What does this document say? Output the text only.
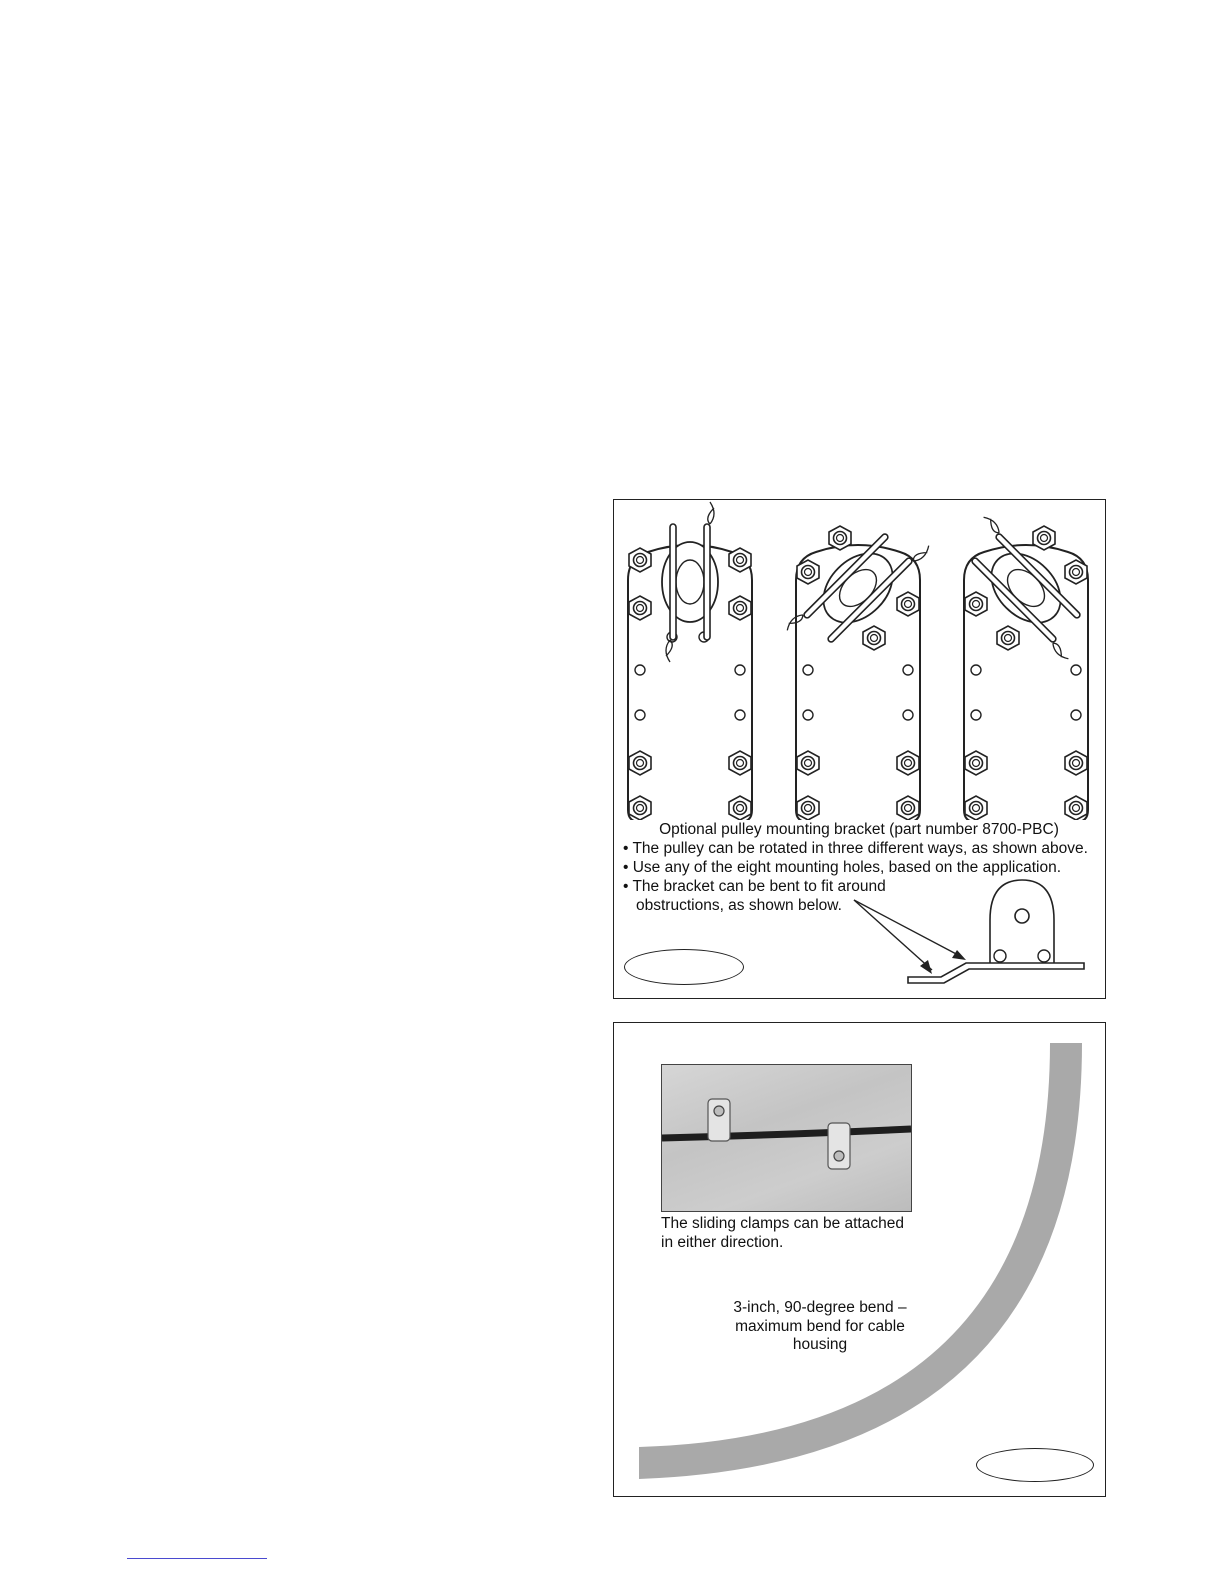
Optional pulley mounting bracket (part number 8700-PBC)
• The pulley can be rotated in three different ways, as shown above.
• Use any of the eight mounting holes, based on the application.
• The bracket can be bent to fit around
obstructions, as shown below.
The sliding clamps can be attached
in either direction.
3-inch, 90-degree bend –
maximum bend for cable
housing
